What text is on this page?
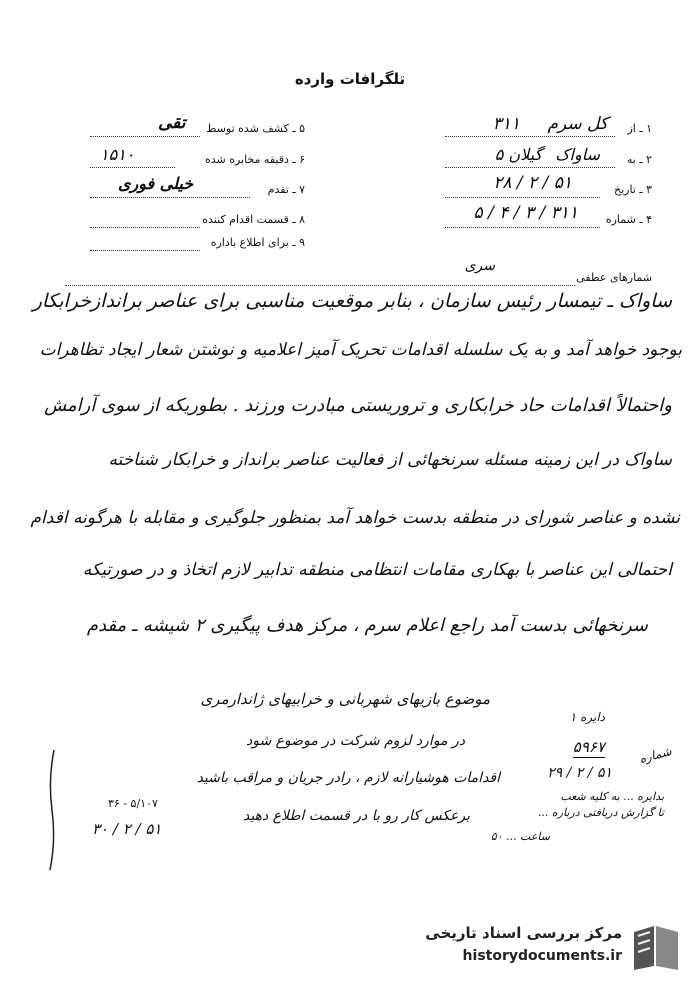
تلگرافات وارده
۱ ـ از
کل سرم ۳۱۱
۲ ـ به
ساواک گیلان ۵
۳ ـ تاریخ
۵۱ / ۲ / ۲۸
۴ ـ شماره
۳۱۱ / ۳ / ۴ / ۵
۵ ـ کشف شده توسط
تقی
۶ ـ دقیقه مخابره شده
۱۵۱۰
۷ ـ تقدم
خیلی فوری
۸ ـ قسمت اقدام کننده
۹ ـ برای اطلاع باداره
شمارهای عطفی
سری
ساواک ـ تیمسار رئیس سازمان ، بنابر موقعیت مناسبی برای عناصر براندازخرابکار
بوجود خواهد آمد و به یک سلسله اقدامات تحریک آمیز اعلامیه و نوشتن شعار ایجاد تظاهرات
واحتمالاً اقدامات حاد خرابکاری و تروریستی مبادرت ورزند . بطوریکه از سوی آرامش
ساواک در این زمینه مسئله سرنخهائی از فعالیت عناصر برانداز و خرابکار شناخته
نشده و عناصر شورای در منطقه بدست خواهد آمد بمنظور جلوگیری و مقابله با هرگونه اقدام
احتمالی این عناصر با بهکاری مقامات انتظامی منطقه تدابیر لازم اتخاذ و در صورتیکه
سرنخهائی بدست آمد راجع اعلام سرم ، مرکز هدف پیگیری ۲ شیشه ـ مقدم
موضوع بازیهای شهربانی و خرابیهای ژاندارمری
در موارد لزوم شرکت در موضوع شود
اقدامات هوشیارانه لازم ، رادر جریان و مراقب باشید
برعکس کار رو با در قسمت اطلاع دهید
دایره ۱
۵۹۶۷	شماره
۵۱ / ۲ / ۲۹
بدایره ... به کلیه شعب
تا گزارش دریافتی درباره ...
ساعت ... ۵۰
۵/۱۰۷ - ۳۶
۵۱ / ۲ / ۳۰
مرکز بررسی اسناد تاریخی
historydocuments.ir
